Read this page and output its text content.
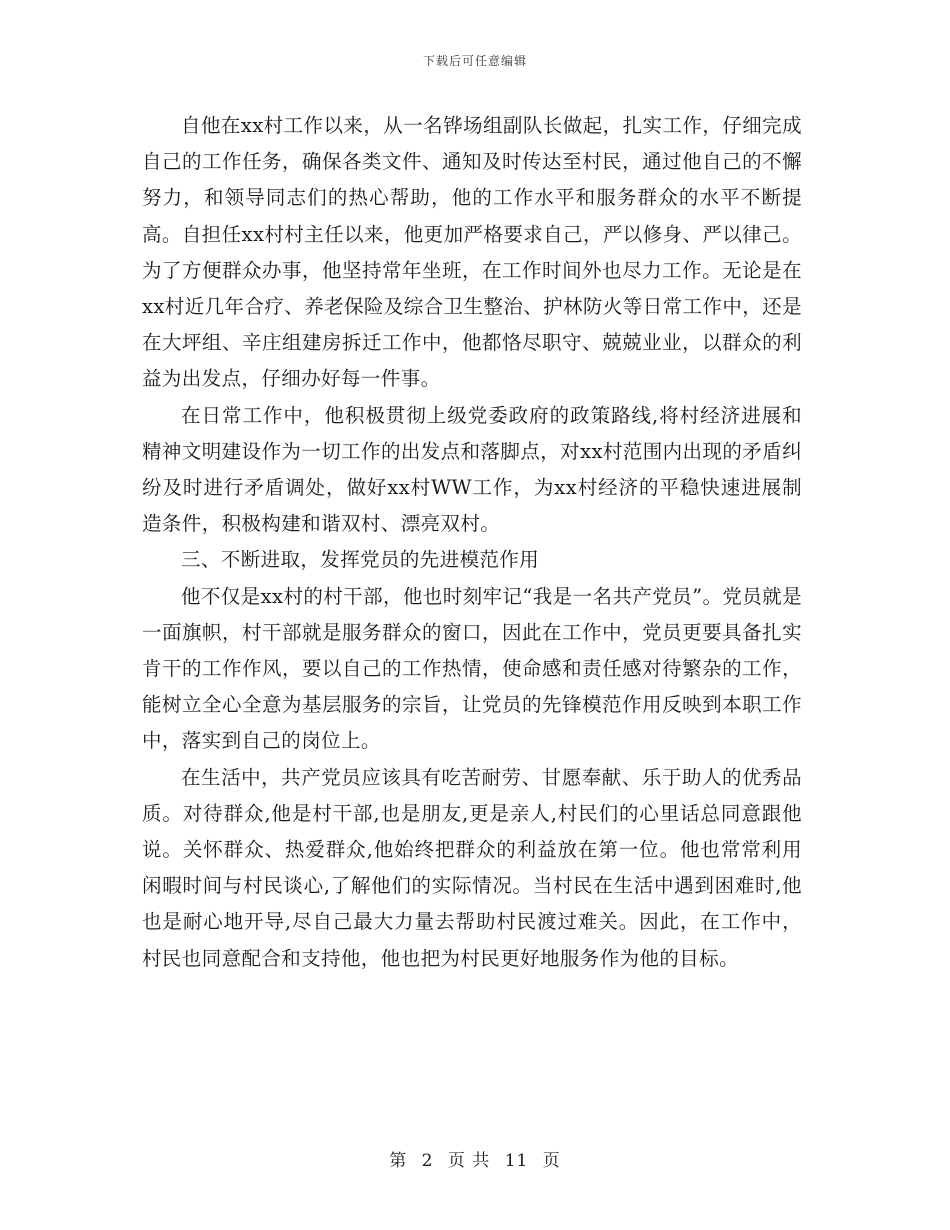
下载后可任意编辑

自他在xx村工作以来，从一名铧场组副队长做起，扎实工作，仔细完成自己的工作任务，确保各类文件、通知及时传达至村民，通过他自己的不懈努力，和领导同志们的热心帮助，他的工作水平和服务群众的水平不断提高。自担任xx村村主任以来，他更加严格要求自己，严以修身、严以律己。为了方便群众办事，他坚持常年坐班，在工作时间外也尽力工作。无论是在xx村近几年合疗、养老保险及综合卫生整治、护林防火等日常工作中，还是在大坪组、辛庄组建房拆迁工作中，他都恪尽职守、兢兢业业，以群众的利益为出发点，仔细办好每一件事。

在日常工作中，他积极贯彻上级党委政府的政策路线,将村经济进展和精神文明建设作为一切工作的出发点和落脚点，对xx村范围内出现的矛盾纠纷及时进行矛盾调处，做好xx村WW工作，为xx村经济的平稳快速进展制造条件，积极构建和谐双村、漂亮双村。

三、不断进取，发挥党员的先进模范作用

他不仅是xx村的村干部，他也时刻牢记“我是一名共产党员”。党员就是一面旗帜，村干部就是服务群众的窗口，因此在工作中，党员更要具备扎实肯干的工作作风，要以自己的工作热情，使命感和责任感对待繁杂的工作，能树立全心全意为基层服务的宗旨，让党员的先锋模范作用反映到本职工作中，落实到自己的岗位上。

在生活中，共产党员应该具有吃苦耐劳、甘愿奉献、乐于助人的优秀品质。对待群众,他是村干部,也是朋友,更是亲人,村民们的心里话总同意跟他说。关怀群众、热爱群众,他始终把群众的利益放在第一位。他也常常利用闲暇时间与村民谈心,了解他们的实际情况。当村民在生活中遇到困难时,他也是耐心地开导,尽自己最大力量去帮助村民渡过难关。因此，在工作中，村民也同意配合和支持他，他也把为村民更好地服务作为他的目标。

第 2 页 共 11 页
